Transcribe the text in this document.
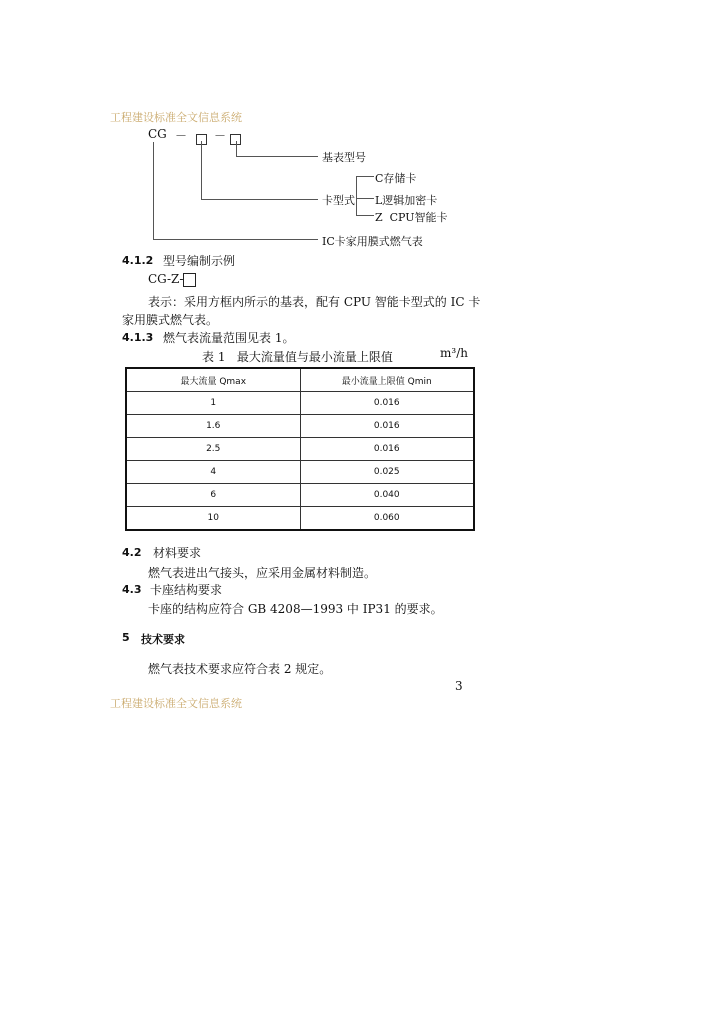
工程建设标准全文信息系统
CG － －
基表型号
C存储卡
卡型式 L逻辑加密卡
Z  CPU智能卡
IC卡家用膜式燃气表
4.1.2 型号编制示例
CG-Z-
表示：采用方框内所示的基表，配有 CPU 智能卡型式的 IC 卡
家用膜式燃气表。
4.1.3 燃气表流量范围见表 1。
表 1   最大流量值与最小流量上限值	m³/h
最大流量 Qmax	最小流量上限值 Qmin
1	0.016
1.6	0.016
2.5	0.016
4	0.025
6	0.040
10	0.060
4.2 材料要求
燃气表进出气接头，应采用金属材料制造。
4.3 卡座结构要求
卡座的结构应符合 GB 4208—1993 中 IP31 的要求。
5 技术要求
燃气表技术要求应符合表 2 规定。
3
工程建设标准全文信息系统
